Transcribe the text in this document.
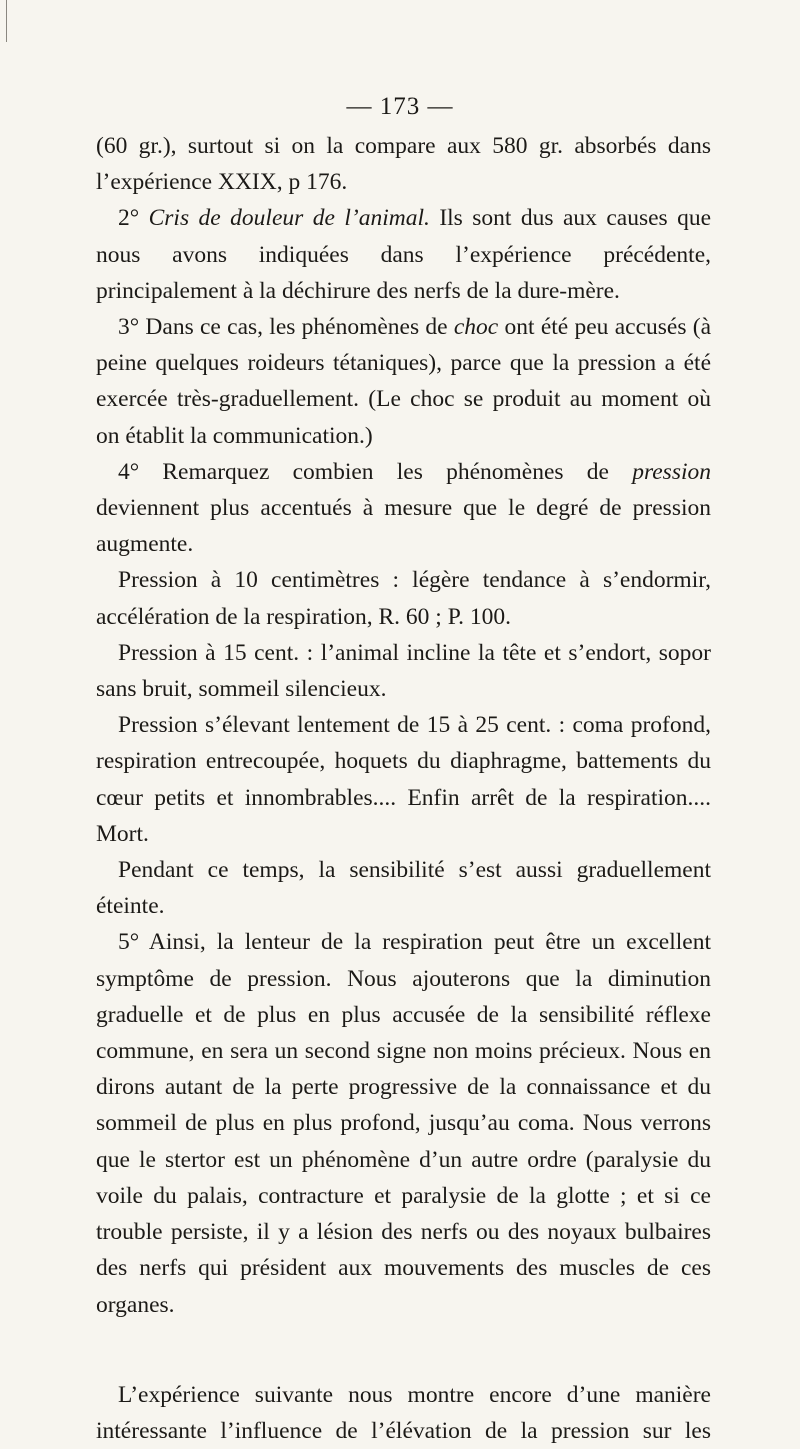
— 173 —

(60 gr.), surtout si on la compare aux 580 gr. absorbés dans l’expérience XXIX, p 176.

2° Cris de douleur de l’animal. Ils sont dus aux causes que nous avons indiquées dans l’expérience précédente, principalement à la déchirure des nerfs de la dure-mère.

3° Dans ce cas, les phénomènes de choc ont été peu accusés (à peine quelques roideurs tétaniques), parce que la pression a été exercée très-graduellement. (Le choc se produit au moment où on établit la communication.)

4° Remarquez combien les phénomènes de pression deviennent plus accentués à mesure que le degré de pression augmente.

Pression à 10 centimètres : légère tendance à s’endormir, accélération de la respiration, R. 60 ; P. 100.

Pression à 15 cent. : l’animal incline la tête et s’endort, sopor sans bruit, sommeil silencieux.

Pression s’élevant lentement de 15 à 25 cent. : coma profond, respiration entrecoupée, hoquets du diaphragme, battements du cœur petits et innombrables.... Enfin arrêt de la respiration.... Mort.

Pendant ce temps, la sensibilité s’est aussi graduellement éteinte.

5° Ainsi, la lenteur de la respiration peut être un excellent symptôme de pression. Nous ajouterons que la diminution graduelle et de plus en plus accusée de la sensibilité réflexe commune, en sera un second signe non moins précieux. Nous en dirons autant de la perte progressive de la connaissance et du sommeil de plus en plus profond, jusqu’au coma. Nous verrons que le stertor est un phénomène d’un autre ordre (paralysie du voile du palais, contracture et paralysie de la glotte ; et si ce trouble persiste, il y a lésion des nerfs ou des noyaux bulbaires des nerfs qui président aux mouvements des muscles de ces organes.

L’expérience suivante nous montre encore d’une manière intéressante l’influence de l’élévation de la pression sur les
